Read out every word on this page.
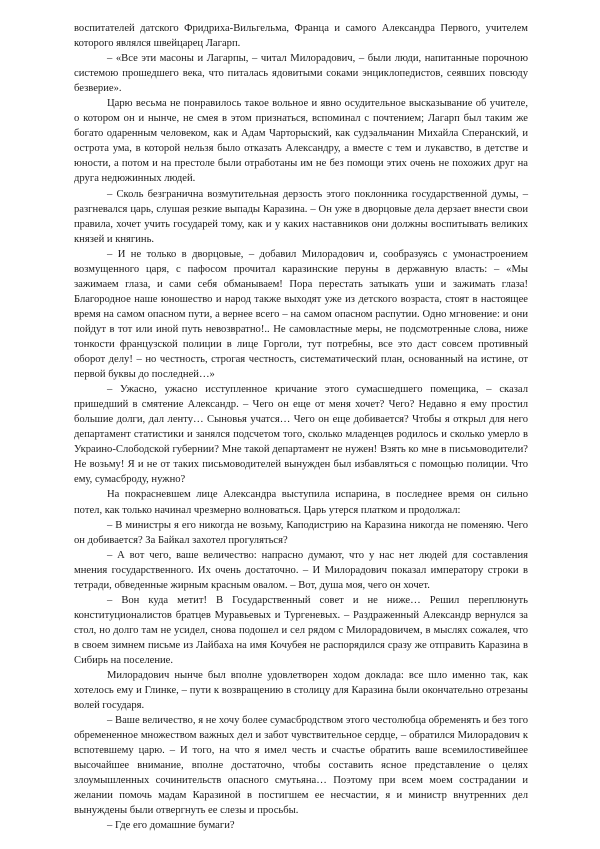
воспитателей датского Фридриха-Вильгельма, Франца и самого Александра Первого, учителем которого являлся швейцарец Лагарп.

– «Все эти масоны и Лагарпы, – читал Милорадович, – были люди, напитанные порочною системою прошедшего века, что питалась ядовитыми соками энциклопедистов, сеявших повсюду безверие».

Царю весьма не понравилось такое вольное и явно осудительное высказывание об учителе, о котором он и нынче, не смея в этом признаться, вспоминал с почтением; Лагарп был таким же богато одаренным человеком, как и Адам Чарторыский, как судэальчанин Михайла Сперанский, и острота ума, в которой нельзя было отказать Александру, а вместе с тем и лукавство, в детстве и юности, а потом и на престоле были отработаны им не без помощи этих очень не похожих друг на друга недюжинных людей.

– Сколь безгранична возмутительная дерзость этого поклонника государственной думы, – разгневался царь, слушая резкие выпады Каразина. – Он уже в дворцовые дела дерзает внести свои правила, хочет учить государей тому, как и у каких наставников они должны воспитывать великих князей и княгинь.

– И не только в дворцовые, – добавил Милорадович и, сообразуясь с умонастроением возмущенного царя, с пафосом прочитал каразинские перуны в державную власть: – «Мы зажимаем глаза, и сами себя обманываем! Пора перестать затыкать уши и зажимать глаза! Благородное наше юношество и народ также выходят уже из детского возраста, стоят в настоящее время на самом опасном пути, а вернее всего – на самом опасном распутии. Одно мгновение: и они пойдут в тот или иной путь невозвратно!.. Не самовластные меры, не подсмотренные слова, ниже тонкости французской полиции в лице Горголи, тут потребны, все это даст совсем противный оборот делу! – но честность, строгая честность, систематический план, основанный на истине, от первой буквы до последней…»

– Ужасно, ужасно исступленное кричание этого сумасшедшего помещика, – сказал пришедший в смятение Александр. – Чего он еще от меня хочет? Чего? Недавно я ему простил большие долги, дал ленту… Сыновья учатся… Чего он еще добивается? Чтобы я открыл для него департамент статистики и занялся подсчетом того, сколько младенцев родилось и сколько умерло в Украино-Слободской губернии? Мне такой департамент не нужен! Взять ко мне в письмоводители? Не возьму! Я и не от таких письмоводителей вынужден был избавляться с помощью полиции. Что ему, сумасброду, нужно?

На покрасневшем лице Александра выступила испарина, в последнее время он сильно потел, как только начинал чрезмерно волноваться. Царь утерся платком и продолжал:

– В министры я его никогда не возьму, Каподистрию на Каразина никогда не поменяю. Чего он добивается? За Байкал захотел прогуляться?

– А вот чего, ваше величество: напрасно думают, что у нас нет людей для составления мнения государственного. Их очень достаточно. – И Милорадович показал императору строки в тетради, обведенные жирным красным овалом. – Вот, душа моя, чего он хочет.

– Вон куда метит! В Государственный совет и не ниже… Решил переплюнуть конституционалистов братцев Муравьевых и Тургеневых. – Раздраженный Александр вернулся за стол, но долго там не усидел, снова подошел и сел рядом с Милорадовичем, в мыслях сожалея, что в своем зимнем письме из Лайбаха на имя Кочубея не распорядился сразу же отправить Каразина в Сибирь на поселение.

Милорадович нынче был вполне удовлетворен ходом доклада: все шло именно так, как хотелось ему и Глинке, – пути к возвращению в столицу для Каразина были окончательно отрезаны волей государя.

– Ваше величество, я не хочу более сумасбродством этого честолюбца обременять и без того обремененное множеством важных дел и забот чувствительное сердце, – обратился Милорадович к вспотевшему царю. – И того, на что я имел честь и счастье обратить ваше всемилостивейшее высочайшее внимание, вполне достаточно, чтобы составить ясное представление о целях злоумышленных сочинительств опасного смутьяна… Поэтому при всем моем сострадании и желании помочь мадам Каразиной в постигшем ее несчастии, я и министр внутренних дел вынуждены были отвергнуть ее слезы и просьбы.

– Где его домашние бумаги?
